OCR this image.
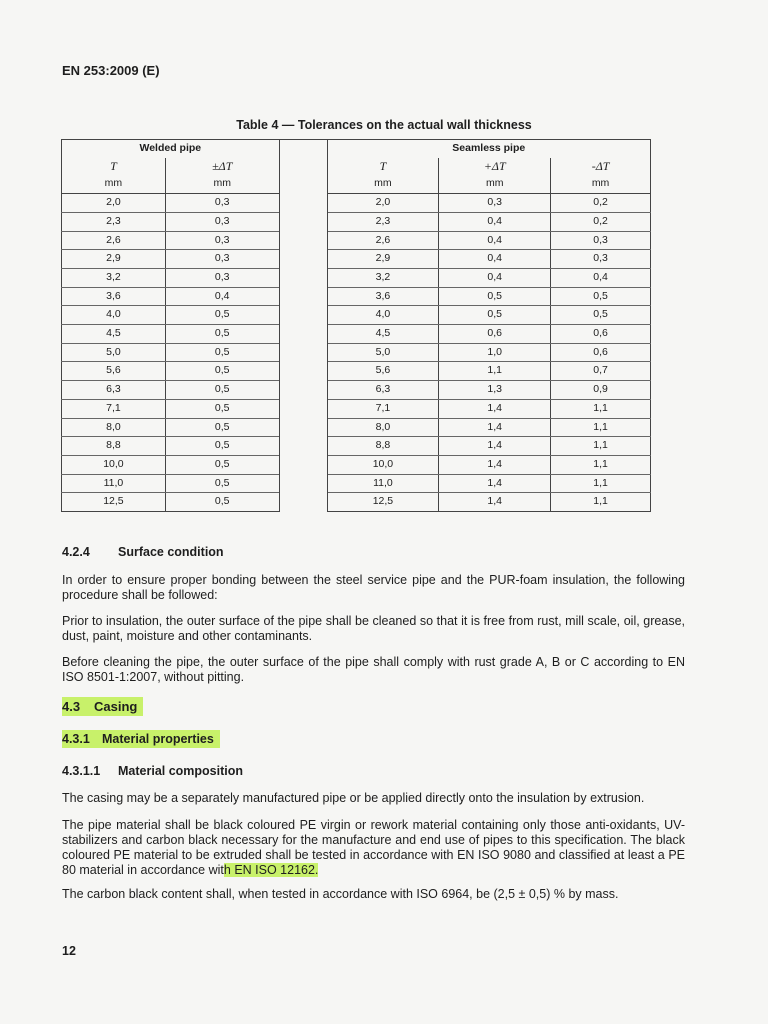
EN 253:2009 (E)
Table 4 — Tolerances on the actual wall thickness
Welded pipe			Seamless pipe		
T	±ΔT		T	+ΔT	-ΔT
mm	mm		mm	mm	mm
2,0	0,3		2,0	0,3	0,2
2,3	0,3		2,3	0,4	0,2
2,6	0,3		2,6	0,4	0,3
2,9	0,3		2,9	0,4	0,3
3,2	0,3		3,2	0,4	0,4
3,6	0,4		3,6	0,5	0,5
4,0	0,5		4,0	0,5	0,5
4,5	0,5		4,5	0,6	0,6
5,0	0,5		5,0	1,0	0,6
5,6	0,5		5,6	1,1	0,7
6,3	0,5		6,3	1,3	0,9
7,1	0,5		7,1	1,4	1,1
8,0	0,5		8,0	1,4	1,1
8,8	0,5		8,8	1,4	1,1
10,0	0,5		10,0	1,4	1,1
11,0	0,5		11,0	1,4	1,1
12,5	0,5		12,5	1,4	1,1
4.2.4 Surface condition
In order to ensure proper bonding between the steel service pipe and the PUR-foam insulation, the following procedure shall be followed:
Prior to insulation, the outer surface of the pipe shall be cleaned so that it is free from rust, mill scale, oil, grease, dust, paint, moisture and other contaminants.
Before cleaning the pipe, the outer surface of the pipe shall comply with rust grade A, B or C according to EN ISO 8501-1:2007, without pitting.
4.3 Casing
4.3.1 Material properties
4.3.1.1 Material composition
The casing may be a separately manufactured pipe or be applied directly onto the insulation by extrusion.
The pipe material shall be black coloured PE virgin or rework material containing only those anti-oxidants, UV-stabilizers and carbon black necessary for the manufacture and end use of pipes to this specification. The black coloured PE material to be extruded shall be tested in accordance with EN ISO 9080 and classified at least a PE 80 material in accordance with EN ISO 12162.
The carbon black content shall, when tested in accordance with ISO 6964, be (2,5 ± 0,5) % by mass.
12
